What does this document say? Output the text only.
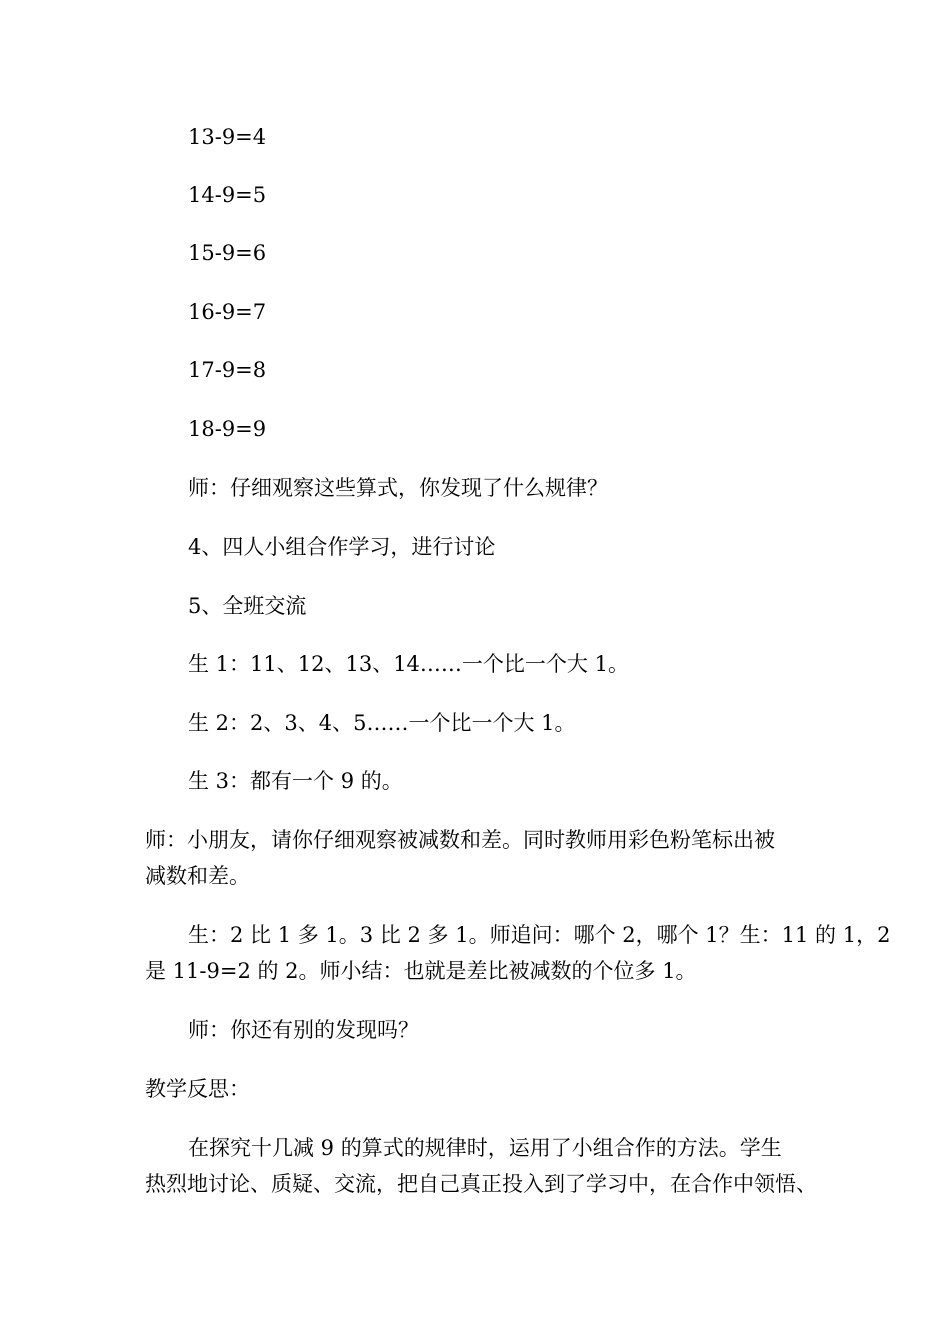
13-9=4

14-9=5

15-9=6

16-9=7

17-9=8

18-9=9

师：仔细观察这些算式，你发现了什么规律？

4、四人小组合作学习，进行讨论

5、全班交流

生 1：11、12、13、14……一个比一个大 1。

生 2：2、3、4、5……一个比一个大 1。

生 3：都有一个 9 的。

师：小朋友，请你仔细观察被减数和差。同时教师用彩色粉笔标出被

减数和差。

生：2 比 1 多 1。3 比 2 多 1。师追问：哪个 2，哪个 1？生：11 的 1，2

是 11-9=2 的 2。师小结：也就是差比被减数的个位多 1。

师：你还有别的发现吗？

教学反思：

在探究十几减 9 的算式的规律时，运用了小组合作的方法。学生

热烈地讨论、质疑、交流，把自己真正投入到了学习中，在合作中领悟、
